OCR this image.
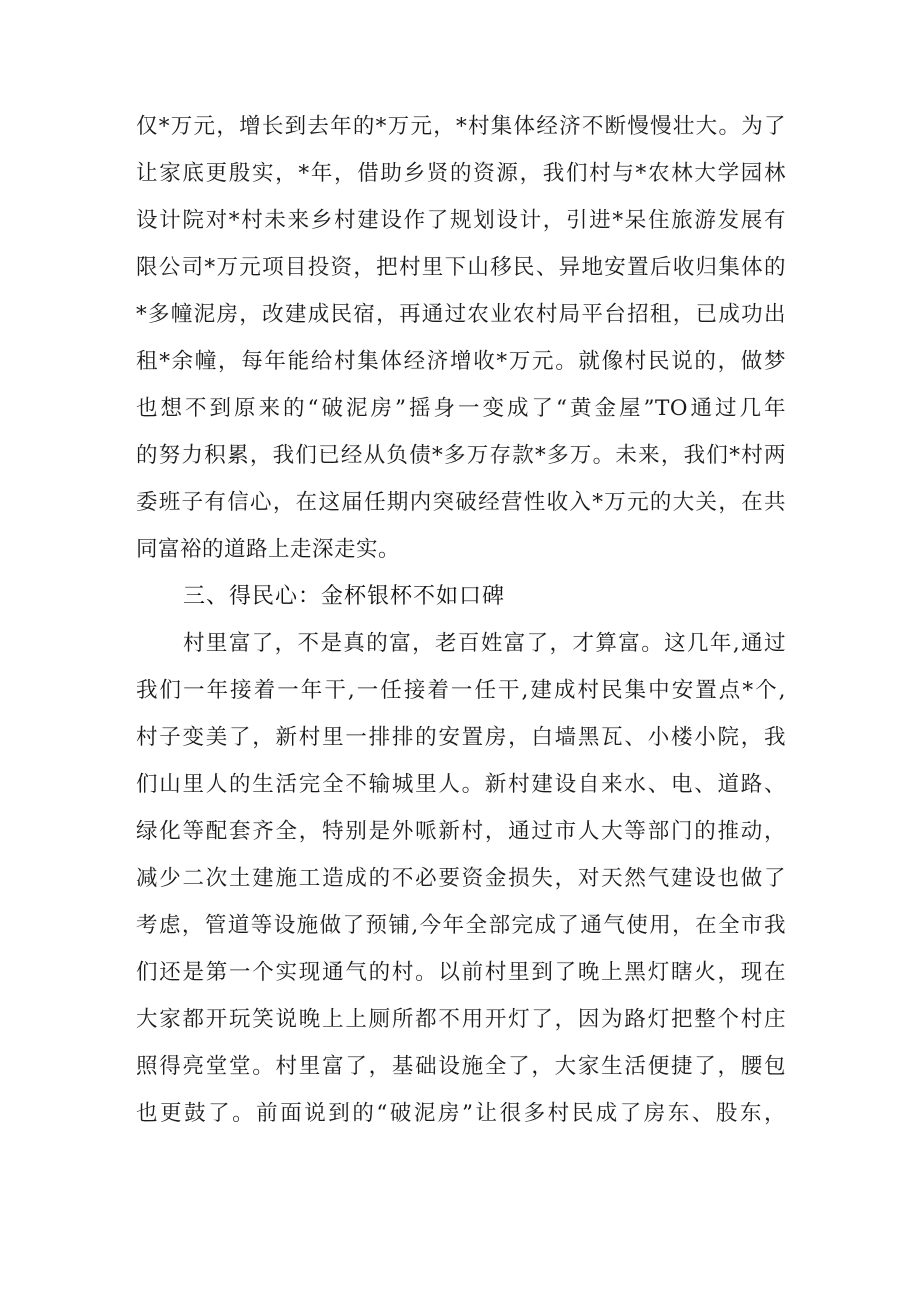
仅*万元，增长到去年的*万元，*村集体经济不断慢慢壮大。为了
让家底更殷实，*年，借助乡贤的资源，我们村与*农林大学园林
设计院对*村未来乡村建设作了规划设计，引进*呆住旅游发展有
限公司*万元项目投资，把村里下山移民、异地安置后收归集体的
*多幢泥房，改建成民宿，再通过农业农村局平台招租，已成功出
租*余幢，每年能给村集体经济增收*万元。就像村民说的，做梦
也想不到原来的“破泥房”摇身一变成了“黄金屋”TO通过几年
的努力积累，我们已经从负债*多万存款*多万。未来，我们*村两
委班子有信心，在这届任期内突破经营性收入*万元的大关，在共
同富裕的道路上走深走实。
三、得民心：金杯银杯不如口碑
村里富了，不是真的富，老百姓富了，才算富。这几年,通过
我们一年接着一年干,一任接着一任干,建成村民集中安置点*个,
村子变美了，新村里一排排的安置房，白墙黑瓦、小楼小院，我
们山里人的生活完全不输城里人。新村建设自来水、电、道路、
绿化等配套齐全，特别是外哌新村，通过市人大等部门的推动，
减少二次土建施工造成的不必要资金损失，对天然气建设也做了
考虑，管道等设施做了预铺,今年全部完成了通气使用，在全市我
们还是第一个实现通气的村。以前村里到了晚上黑灯瞎火，现在
大家都开玩笑说晚上上厕所都不用开灯了，因为路灯把整个村庄
照得亮堂堂。村里富了，基础设施全了，大家生活便捷了，腰包
也更鼓了。前面说到的“破泥房”让很多村民成了房东、股东，
